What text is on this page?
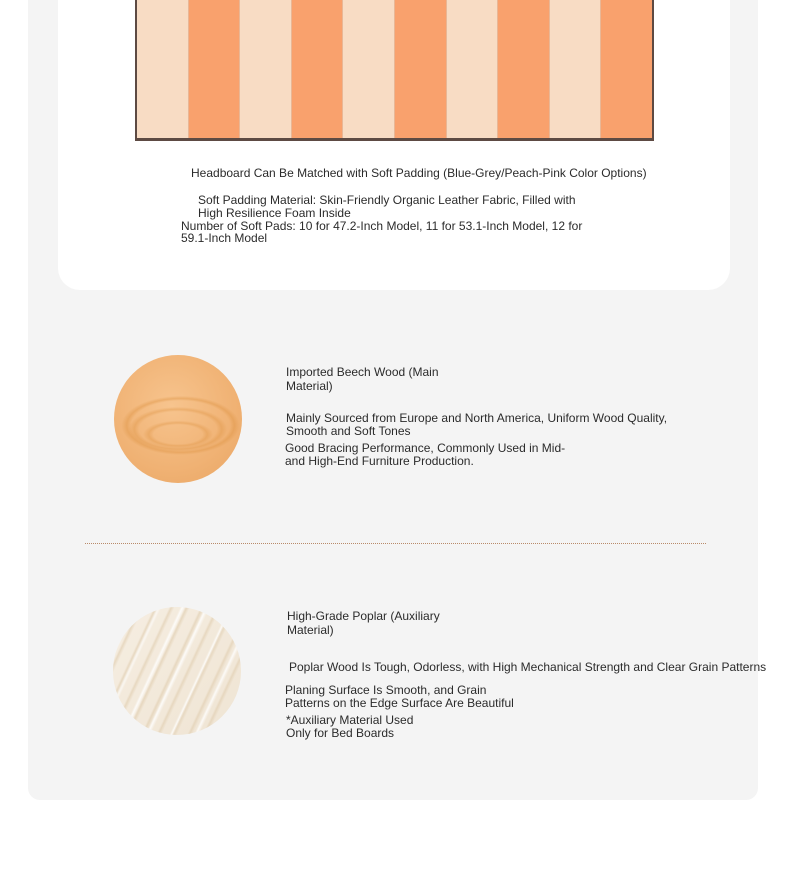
Headboard Can Be Matched with Soft Padding (Blue-Grey/Peach-Pink Color Options)
Soft Padding Material: Skin-Friendly Organic Leather Fabric, Filled with
High Resilience Foam Inside
Number of Soft Pads: 10 for 47.2-Inch Model, 11 for 53.1-Inch Model, 12 for
59.1-Inch Model
Imported Beech Wood (Main
Material)
Mainly Sourced from Europe and North America, Uniform Wood Quality,
Smooth and Soft Tones
Good Bracing Performance, Commonly Used in Mid-
and High-End Furniture Production.
High-Grade Poplar (Auxiliary
Material)
Poplar Wood Is Tough, Odorless, with High Mechanical Strength and Clear Grain Patterns
Planing Surface Is Smooth, and Grain
Patterns on the Edge Surface Are Beautiful
*Auxiliary Material Used
Only for Bed Boards
